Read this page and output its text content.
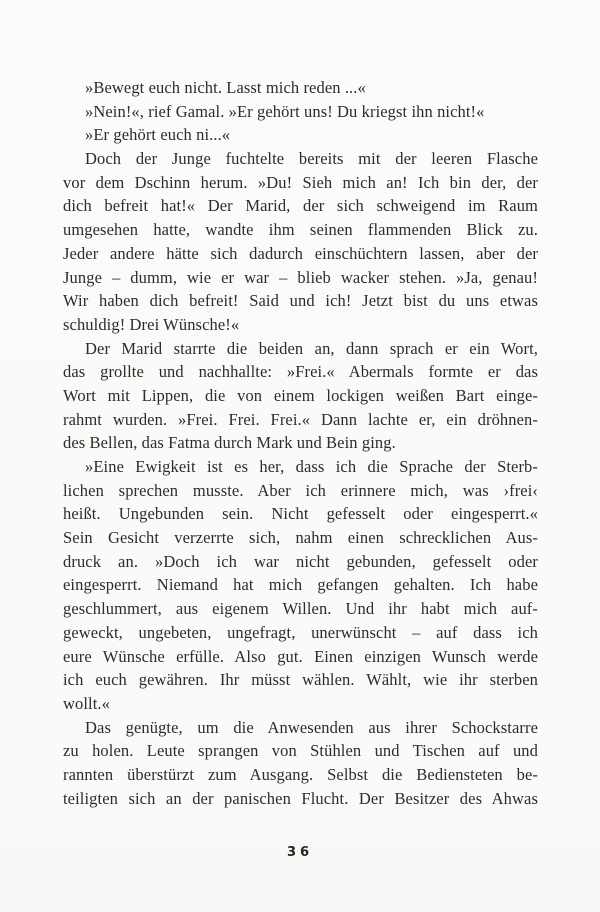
»Bewegt euch nicht. Lasst mich reden ...«
»Nein!«, rief Gamal. »Er gehört uns! Du kriegst ihn nicht!«
»Er gehört euch ni...«
Doch der Junge fuchtelte bereits mit der leeren Flasche
vor dem Dschinn herum. »Du! Sieh mich an! Ich bin der, der
dich befreit hat!« Der Marid, der sich schweigend im Raum
umgesehen hatte, wandte ihm seinen flammenden Blick zu.
Jeder andere hätte sich dadurch einschüchtern lassen, aber der
Junge – dumm, wie er war – blieb wacker stehen. »Ja, genau!
Wir haben dich befreit! Said und ich! Jetzt bist du uns etwas
schuldig! Drei Wünsche!«
Der Marid starrte die beiden an, dann sprach er ein Wort,
das grollte und nachhallte: »Frei.« Abermals formte er das
Wort mit Lippen, die von einem lockigen weißen Bart einge-
rahmt wurden. »Frei. Frei. Frei.« Dann lachte er, ein dröhnen-
des Bellen, das Fatma durch Mark und Bein ging.
»Eine Ewigkeit ist es her, dass ich die Sprache der Sterb-
lichen sprechen musste. Aber ich erinnere mich, was ›frei‹
heißt. Ungebunden sein. Nicht gefesselt oder eingesperrt.«
Sein Gesicht verzerrte sich, nahm einen schrecklichen Aus-
druck an. »Doch ich war nicht gebunden, gefesselt oder
eingesperrt. Niemand hat mich gefangen gehalten. Ich habe
geschlummert, aus eigenem Willen. Und ihr habt mich auf-
geweckt, ungebeten, ungefragt, unerwünscht – auf dass ich
eure Wünsche erfülle. Also gut. Einen einzigen Wunsch werde
ich euch gewähren. Ihr müsst wählen. Wählt, wie ihr sterben
wollt.«
Das genügte, um die Anwesenden aus ihrer Schockstarre
zu holen. Leute sprangen von Stühlen und Tischen auf und
rannten überstürzt zum Ausgang. Selbst die Bediensteten be-
teiligten sich an der panischen Flucht. Der Besitzer des Ahwas
36
